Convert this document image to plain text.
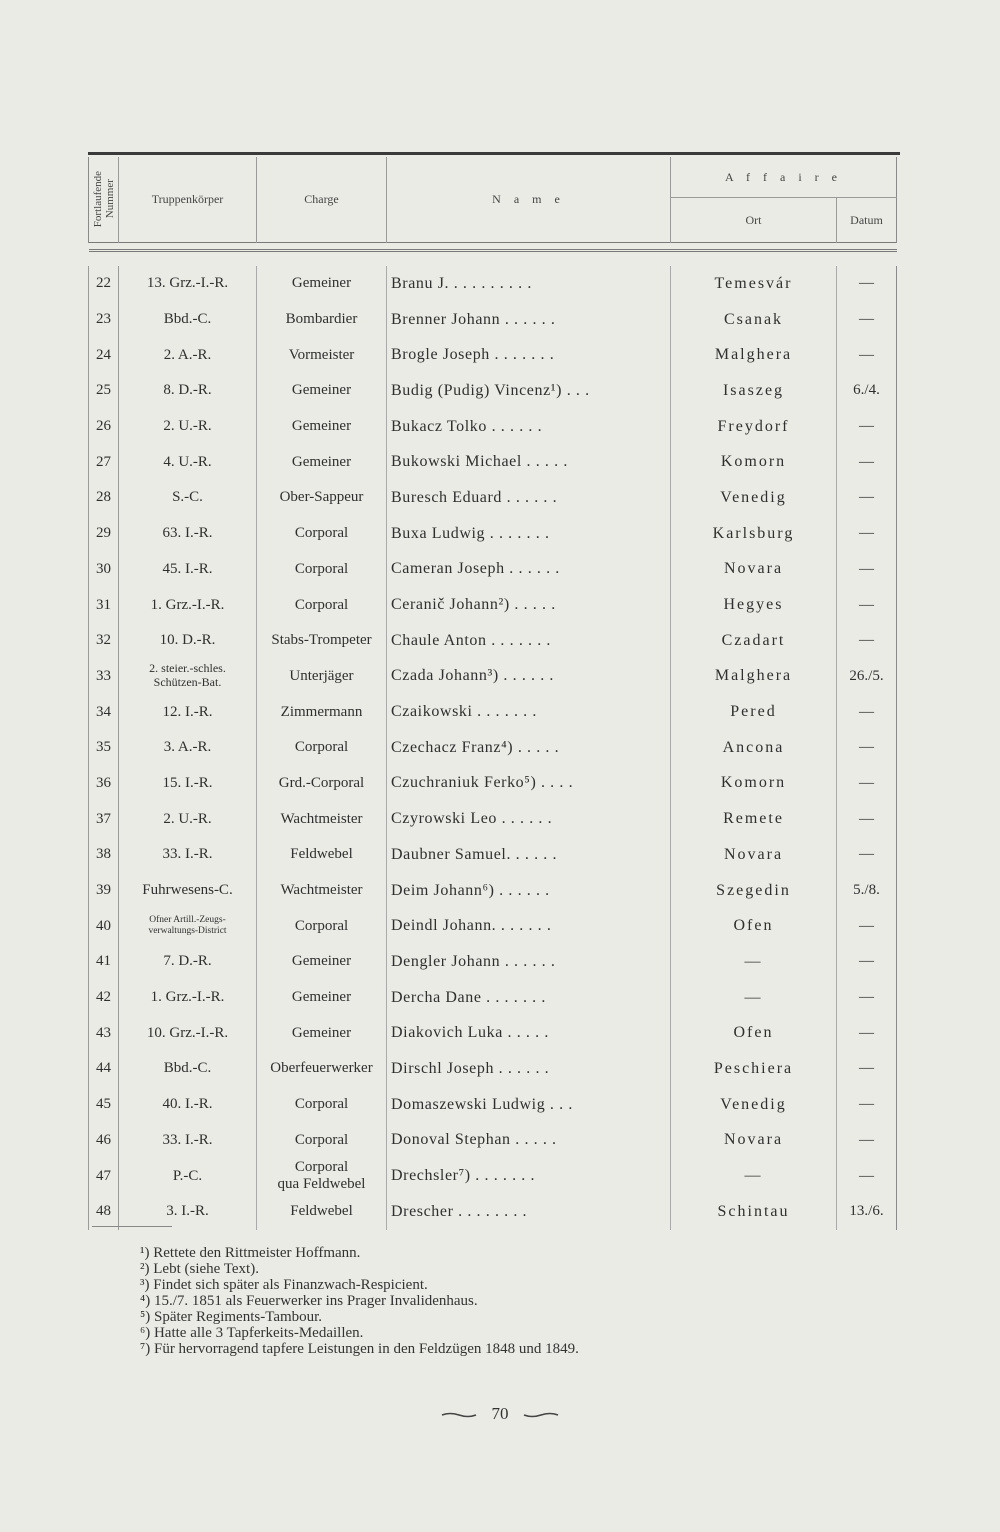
Fortlaufende
Nummer	Truppenkörper	Charge	N a m e	A f f a i r e	
				Ort	Datum

22	13. Grz.-I.-R.	Gemeiner	Branu J. . . . . . . . . .	Temesvár	—
23	Bbd.-C.	Bombardier	Brenner Johann . . . . . .	Csanak	—
24	2. A.-R.	Vormeister	Brogle Joseph . . . . . . .	Malghera	—
25	8. D.-R.	Gemeiner	Budig (Pudig) Vincenz¹) . . .	Isaszeg	6./4.
26	2. U.-R.	Gemeiner	Bukacz Tolko . . . . . .	Freydorf	—
27	4. U.-R.	Gemeiner	Bukowski Michael . . . . .	Komorn	—
28	S.-C.	Ober-Sappeur	Buresch Eduard . . . . . .	Venedig	—
29	63. I.-R.	Corporal	Buxa Ludwig . . . . . . .	Karlsburg	—
30	45. I.-R.	Corporal	Cameran Joseph . . . . . .	Novara	—
31	1. Grz.-I.-R.	Corporal	Ceranič Johann²) . . . . .	Hegyes	—
32	10. D.-R.	Stabs-Trompeter	Chaule Anton . . . . . . .	Czadart	—
33	2. steier.-schles.
Schützen-Bat.	Unterjäger	Czada Johann³) . . . . . .	Malghera	26./5.
34	12. I.-R.	Zimmermann	Czaikowski . . . . . . .	Pered	—
35	3. A.-R.	Corporal	Czechacz Franz⁴) . . . . .	Ancona	—
36	15. I.-R.	Grd.-Corporal	Czuchraniuk Ferko⁵) . . . .	Komorn	—
37	2. U.-R.	Wachtmeister	Czyrowski Leo . . . . . .	Remete	—
38	33. I.-R.	Feldwebel	Daubner Samuel. . . . . .	Novara	—
39	Fuhrwesens-C.	Wachtmeister	Deim Johann⁶) . . . . . .	Szegedin	5./8.
40	Ofner Artill.-Zeugs-
verwaltungs-District	Corporal	Deindl Johann. . . . . . .	Ofen	—
41	7. D.-R.	Gemeiner	Dengler Johann . . . . . .	—	—
42	1. Grz.-I.-R.	Gemeiner	Dercha Dane . . . . . . .	—	—
43	10. Grz.-I.-R.	Gemeiner	Diakovich Luka . . . . .	Ofen	—
44	Bbd.-C.	Oberfeuerwerker	Dirschl Joseph . . . . . .	Peschiera	—
45	40. I.-R.	Corporal	Domaszewski Ludwig . . .	Venedig	—
46	33. I.-R.	Corporal	Donoval Stephan . . . . .	Novara	—
47	P.-C.	Corporal
qua Feldwebel	Drechsler⁷) . . . . . . .	—	—
48	3. I.-R.	Feldwebel	Drescher . . . . . . . .	Schintau	13./6.
¹) Rettete den Rittmeister Hoffmann.
²) Lebt (siehe Text).
³) Findet sich später als Finanzwach-Respicient.
⁴) 15./7. 1851 als Feuerwerker ins Prager Invalidenhaus.
⁵) Später Regiments-Tambour.
⁶) Hatte alle 3 Tapferkeits-Medaillen.
⁷) Für hervorragend tapfere Leistungen in den Feldzügen 1848 und 1849.
70
